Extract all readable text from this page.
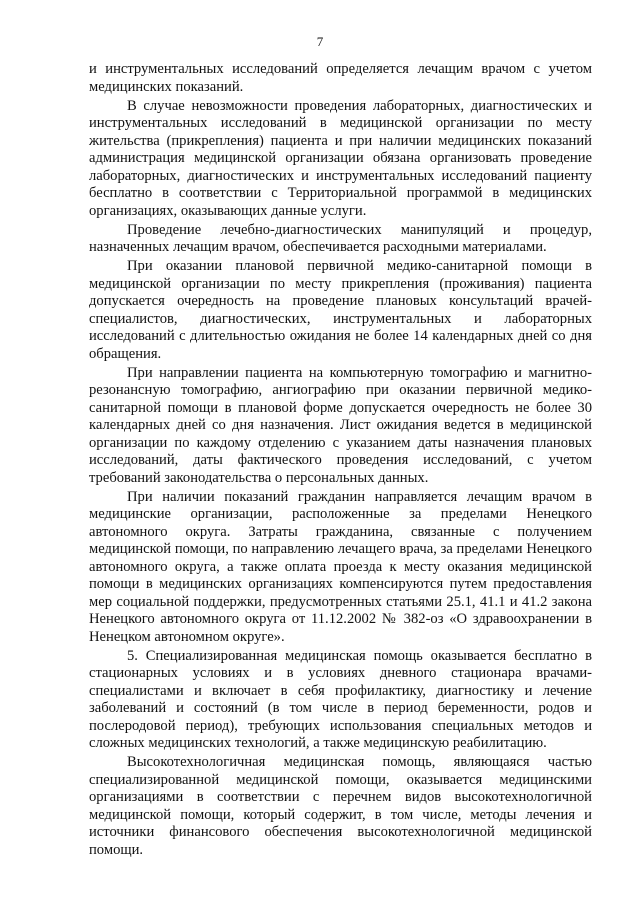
7

и инструментальных исследований определяется лечащим врачом с учетом медицинских показаний.

В случае невозможности проведения лабораторных, диагностических и инструментальных исследований в медицинской организации по месту жительства (прикрепления) пациента и при наличии медицинских показаний администрация медицинской организации обязана организовать проведение лабораторных, диагностических и инструментальных исследований пациенту бесплатно в соответствии с Территориальной программой в медицинских организациях, оказывающих данные услуги.

Проведение лечебно-диагностических манипуляций и процедур, назначенных лечащим врачом, обеспечивается расходными материалами.

При оказании плановой первичной медико-санитарной помощи в медицинской организации по месту прикрепления (проживания) пациента допускается очередность на проведение плановых консультаций врачей-специалистов, диагностических, инструментальных и лабораторных исследований с длительностью ожидания не более 14 календарных дней со дня обращения.

При направлении пациента на компьютерную томографию и магнитно-резонансную томографию, ангиографию при оказании первичной медико-санитарной помощи в плановой форме допускается очередность не более 30 календарных дней со дня назначения. Лист ожидания ведется в медицинской организации по каждому отделению с указанием даты назначения плановых исследований, даты фактического проведения исследований, с учетом требований законодательства о персональных данных.

При наличии показаний гражданин направляется лечащим врачом в медицинские организации, расположенные за пределами Ненецкого автономного округа. Затраты гражданина, связанные с получением медицинской помощи, по направлению лечащего врача, за пределами Ненецкого автономного округа, а также оплата проезда к месту оказания медицинской помощи в медицинских организациях компенсируются путем предоставления мер социальной поддержки, предусмотренных статьями 25.1, 41.1 и 41.2 закона Ненецкого автономного округа от 11.12.2002 № 382-оз «О здравоохранении в Ненецком автономном округе».

5. Специализированная медицинская помощь оказывается бесплатно в стационарных условиях и в условиях дневного стационара врачами-специалистами и включает в себя профилактику, диагностику и лечение заболеваний и состояний (в том числе в период беременности, родов и послеродовой период), требующих использования специальных методов и сложных медицинских технологий, а также медицинскую реабилитацию.

Высокотехнологичная медицинская помощь, являющаяся частью специализированной медицинской помощи, оказывается медицинскими организациями в соответствии с перечнем видов высокотехнологичной медицинской помощи, который содержит, в том числе, методы лечения и источники финансового обеспечения высокотехнологичной медицинской помощи.
